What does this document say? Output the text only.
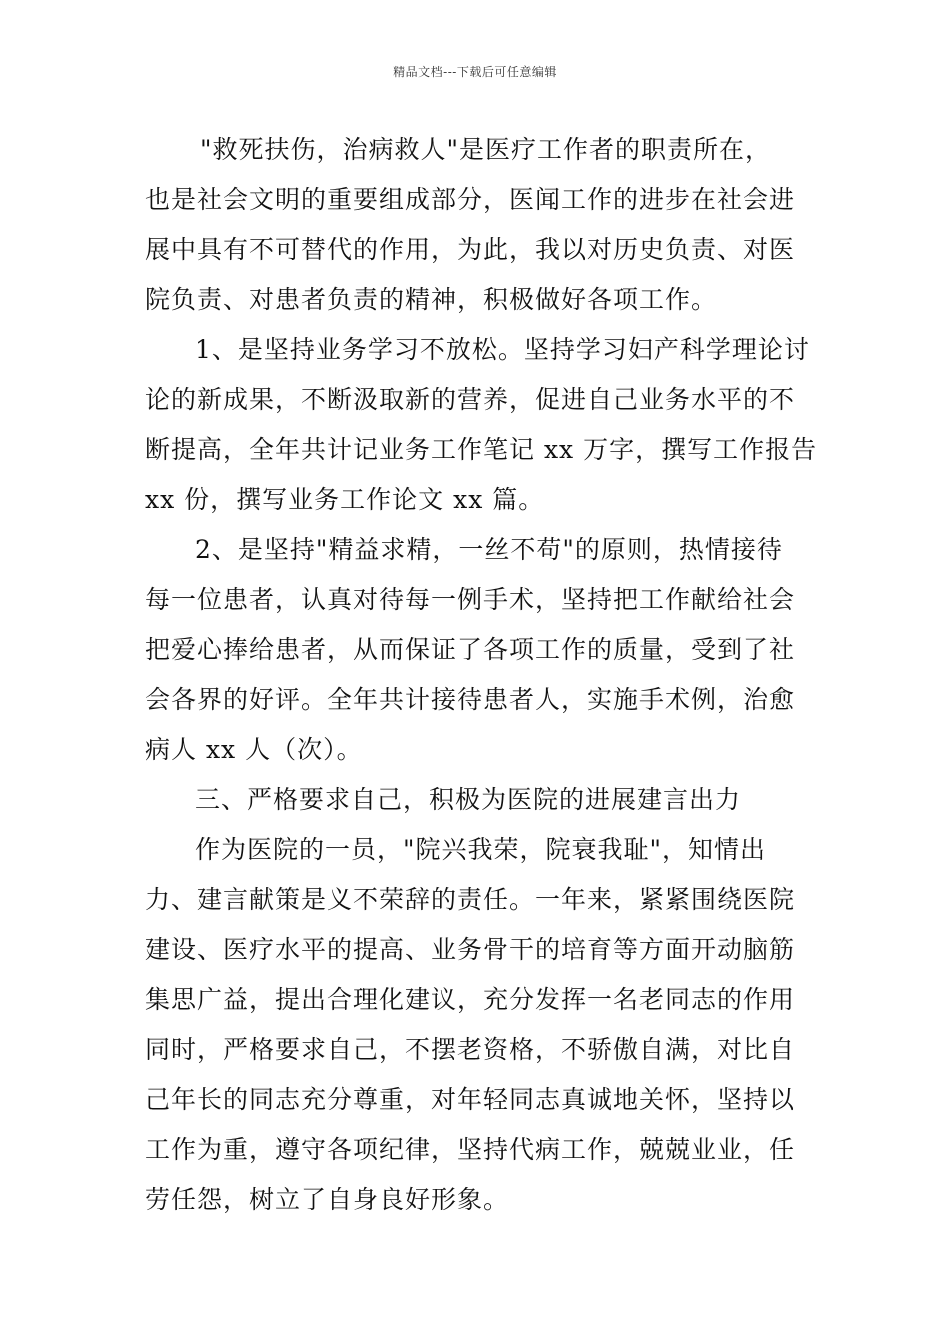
精品文档---下载后可任意编辑
"救死扶伤，治病救人"是医疗工作者的职责所在，
也是社会文明的重要组成部分，医闻工作的进步在社会进
展中具有不可替代的作用，为此，我以对历史负责、对医
院负责、对患者负责的精神，积极做好各项工作。
1、是坚持业务学习不放松。坚持学习妇产科学理论讨
论的新成果，不断汲取新的营养，促进自己业务水平的不
断提高，全年共计记业务工作笔记 xx 万字，撰写工作报告
xx 份，撰写业务工作论文 xx 篇。
2、是坚持"精益求精，一丝不苟"的原则，热情接待
每一位患者，认真对待每一例手术，坚持把工作献给社会
把爱心捧给患者，从而保证了各项工作的质量，受到了社
会各界的好评。全年共计接待患者人，实施手术例，治愈
病人 xx 人（次）。
三、严格要求自己，积极为医院的进展建言出力
作为医院的一员，"院兴我荣，院衰我耻"，知情出
力、建言献策是义不荣辞的责任。一年来，紧紧围绕医院
建设、医疗水平的提高、业务骨干的培育等方面开动脑筋
集思广益，提出合理化建议，充分发挥一名老同志的作用
同时，严格要求自己，不摆老资格，不骄傲自满，对比自
己年长的同志充分尊重，对年轻同志真诚地关怀，坚持以
工作为重，遵守各项纪律，坚持代病工作，兢兢业业，任
劳任怨，树立了自身良好形象。
